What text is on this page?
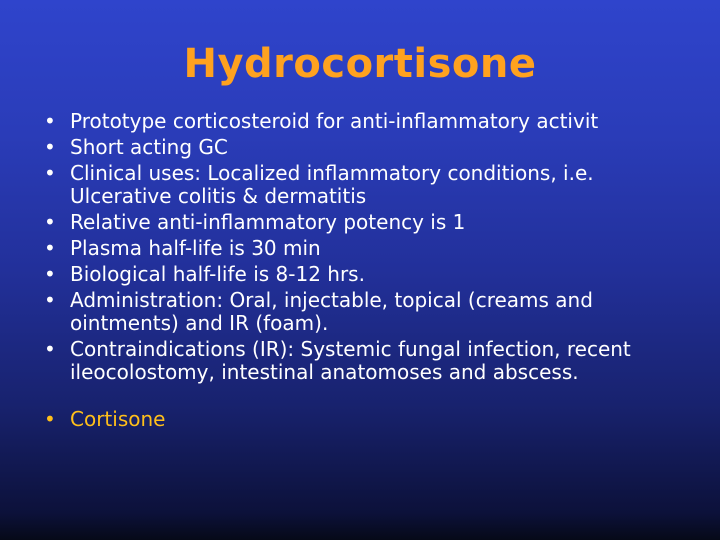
Hydrocortisone
• Prototype corticosteroid for anti-inflammatory activit
• Short acting GC
• Clinical uses: Localized inflammatory conditions, i.e. Ulcerative colitis & dermatitis
• Relative anti-inflammatory potency is 1
• Plasma half-life is 30 min
• Biological half-life is 8-12 hrs.
• Administration: Oral, injectable, topical (creams and ointments) and IR (foam).
• Contraindications (IR): Systemic fungal infection, recent ileocolostomy, intestinal anatomoses and abscess.
• Cortisone
